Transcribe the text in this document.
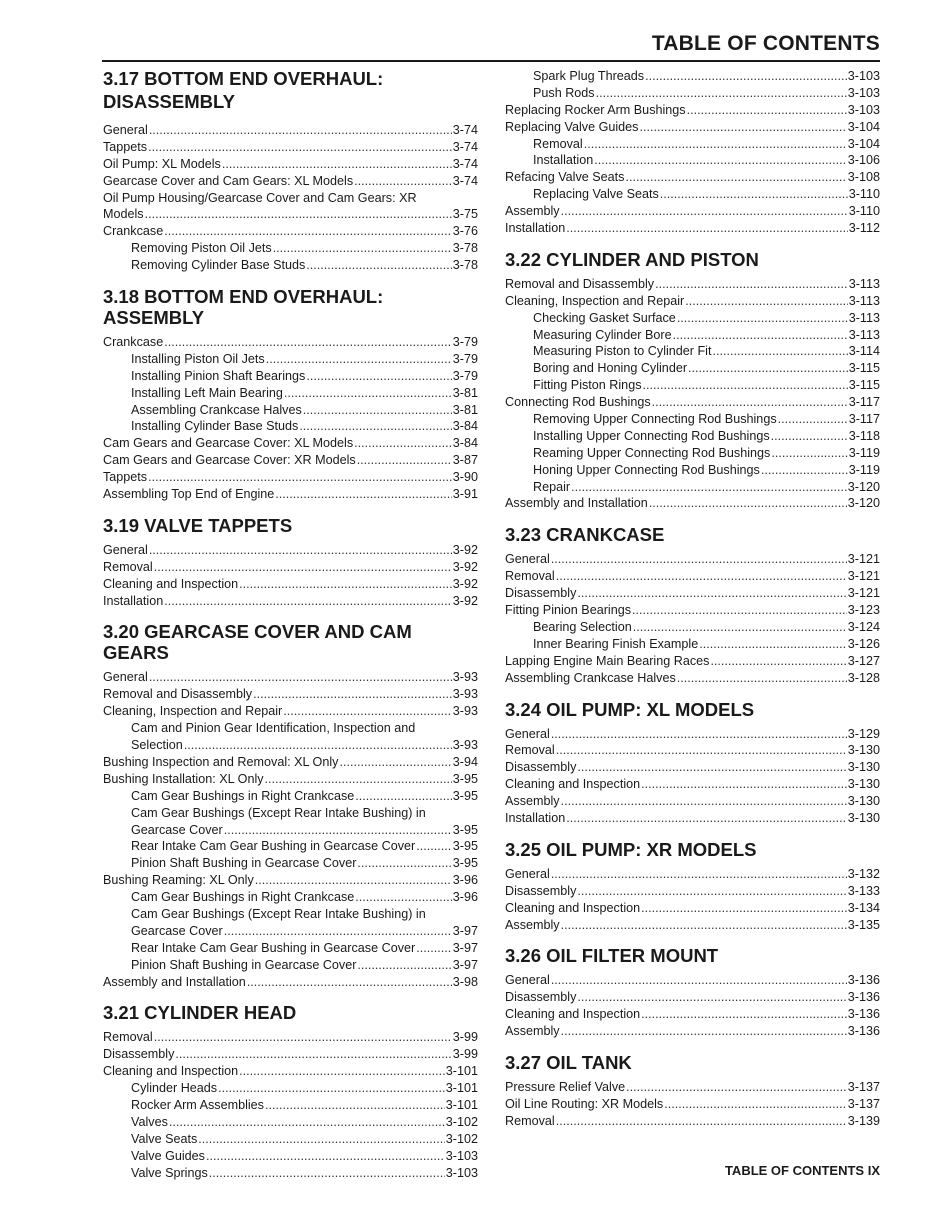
TABLE OF CONTENTS
3.17 BOTTOM END OVERHAUL:
DISASSEMBLY
General .....	3-74
Tappets .....	3-74
Oil Pump: XL Models .....	3-74
Gearcase Cover and Cam Gears: XL Models .....	3-74
Oil Pump Housing/Gearcase Cover and Cam Gears: XR
Models .....	3-75
Crankcase .....	3-76
Removing Piston Oil Jets .....	3-78
Removing Cylinder Base Studs .....	3-78
3.18 BOTTOM END OVERHAUL: ASSEMBLY
Crankcase .....	3-79
Installing Piston Oil Jets .....	3-79
Installing Pinion Shaft Bearings .....	3-79
Installing Left Main Bearing .....	3-81
Assembling Crankcase Halves .....	3-81
Installing Cylinder Base Studs .....	3-84
Cam Gears and Gearcase Cover: XL Models .....	3-84
Cam Gears and Gearcase Cover: XR Models .....	3-87
Tappets .....	3-90
Assembling Top End of Engine .....	3-91
3.19 VALVE TAPPETS
General .....	3-92
Removal .....	3-92
Cleaning and Inspection .....	3-92
Installation .....	3-92
3.20 GEARCASE COVER AND CAM GEARS
General .....	3-93
Removal and Disassembly .....	3-93
Cleaning, Inspection and Repair .....	3-93
Cam and Pinion Gear Identification, Inspection and
Selection .....	3-93
Bushing Inspection and Removal: XL Only .....	3-94
Bushing Installation: XL Only .....	3-95
Cam Gear Bushings in Right Crankcase .....	3-95
Cam Gear Bushings (Except Rear Intake Bushing) in
Gearcase Cover .....	3-95
Rear Intake Cam Gear Bushing in Gearcase Cover .....	3-95
Pinion Shaft Bushing in Gearcase Cover .....	3-95
Bushing Reaming: XL Only .....	3-96
Cam Gear Bushings in Right Crankcase .....	3-96
Cam Gear Bushings (Except Rear Intake Bushing) in
Gearcase Cover .....	3-97
Rear Intake Cam Gear Bushing in Gearcase Cover .....	3-97
Pinion Shaft Bushing in Gearcase Cover .....	3-97
Assembly and Installation .....	3-98
3.21 CYLINDER HEAD
Removal .....	3-99
Disassembly .....	3-99
Cleaning and Inspection .....	3-101
Cylinder Heads .....	3-101
Rocker Arm Assemblies .....	3-101
Valves .....	3-102
Valve Seats .....	3-102
Valve Guides .....	3-103
Valve Springs .....	3-103
Spark Plug Threads .....	3-103
Push Rods .....	3-103
Replacing Rocker Arm Bushings .....	3-103
Replacing Valve Guides .....	3-104
Removal .....	3-104
Installation .....	3-106
Refacing Valve Seats .....	3-108
Replacing Valve Seats .....	3-110
Assembly .....	3-110
Installation .....	3-112
3.22 CYLINDER AND PISTON
Removal and Disassembly .....	3-113
Cleaning, Inspection and Repair .....	3-113
Checking Gasket Surface .....	3-113
Measuring Cylinder Bore .....	3-113
Measuring Piston to Cylinder Fit .....	3-114
Boring and Honing Cylinder .....	3-115
Fitting Piston Rings .....	3-115
Connecting Rod Bushings .....	3-117
Removing Upper Connecting Rod Bushings .....	3-117
Installing Upper Connecting Rod Bushings .....	3-118
Reaming Upper Connecting Rod Bushings .....	3-119
Honing Upper Connecting Rod Bushings .....	3-119
Repair .....	3-120
Assembly and Installation .....	3-120
3.23 CRANKCASE
General .....	3-121
Removal .....	3-121
Disassembly .....	3-121
Fitting Pinion Bearings .....	3-123
Bearing Selection .....	3-124
Inner Bearing Finish Example .....	3-126
Lapping Engine Main Bearing Races .....	3-127
Assembling Crankcase Halves .....	3-128
3.24 OIL PUMP: XL MODELS
General .....	3-129
Removal .....	3-130
Disassembly .....	3-130
Cleaning and Inspection .....	3-130
Assembly .....	3-130
Installation .....	3-130
3.25 OIL PUMP: XR MODELS
General .....	3-132
Disassembly .....	3-133
Cleaning and Inspection .....	3-134
Assembly .....	3-135
3.26 OIL FILTER MOUNT
General .....	3-136
Disassembly .....	3-136
Cleaning and Inspection .....	3-136
Assembly .....	3-136
3.27 OIL TANK
Pressure Relief Valve .....	3-137
Oil Line Routing: XR Models .....	3-137
Removal .....	3-139
TABLE OF CONTENTS IX
